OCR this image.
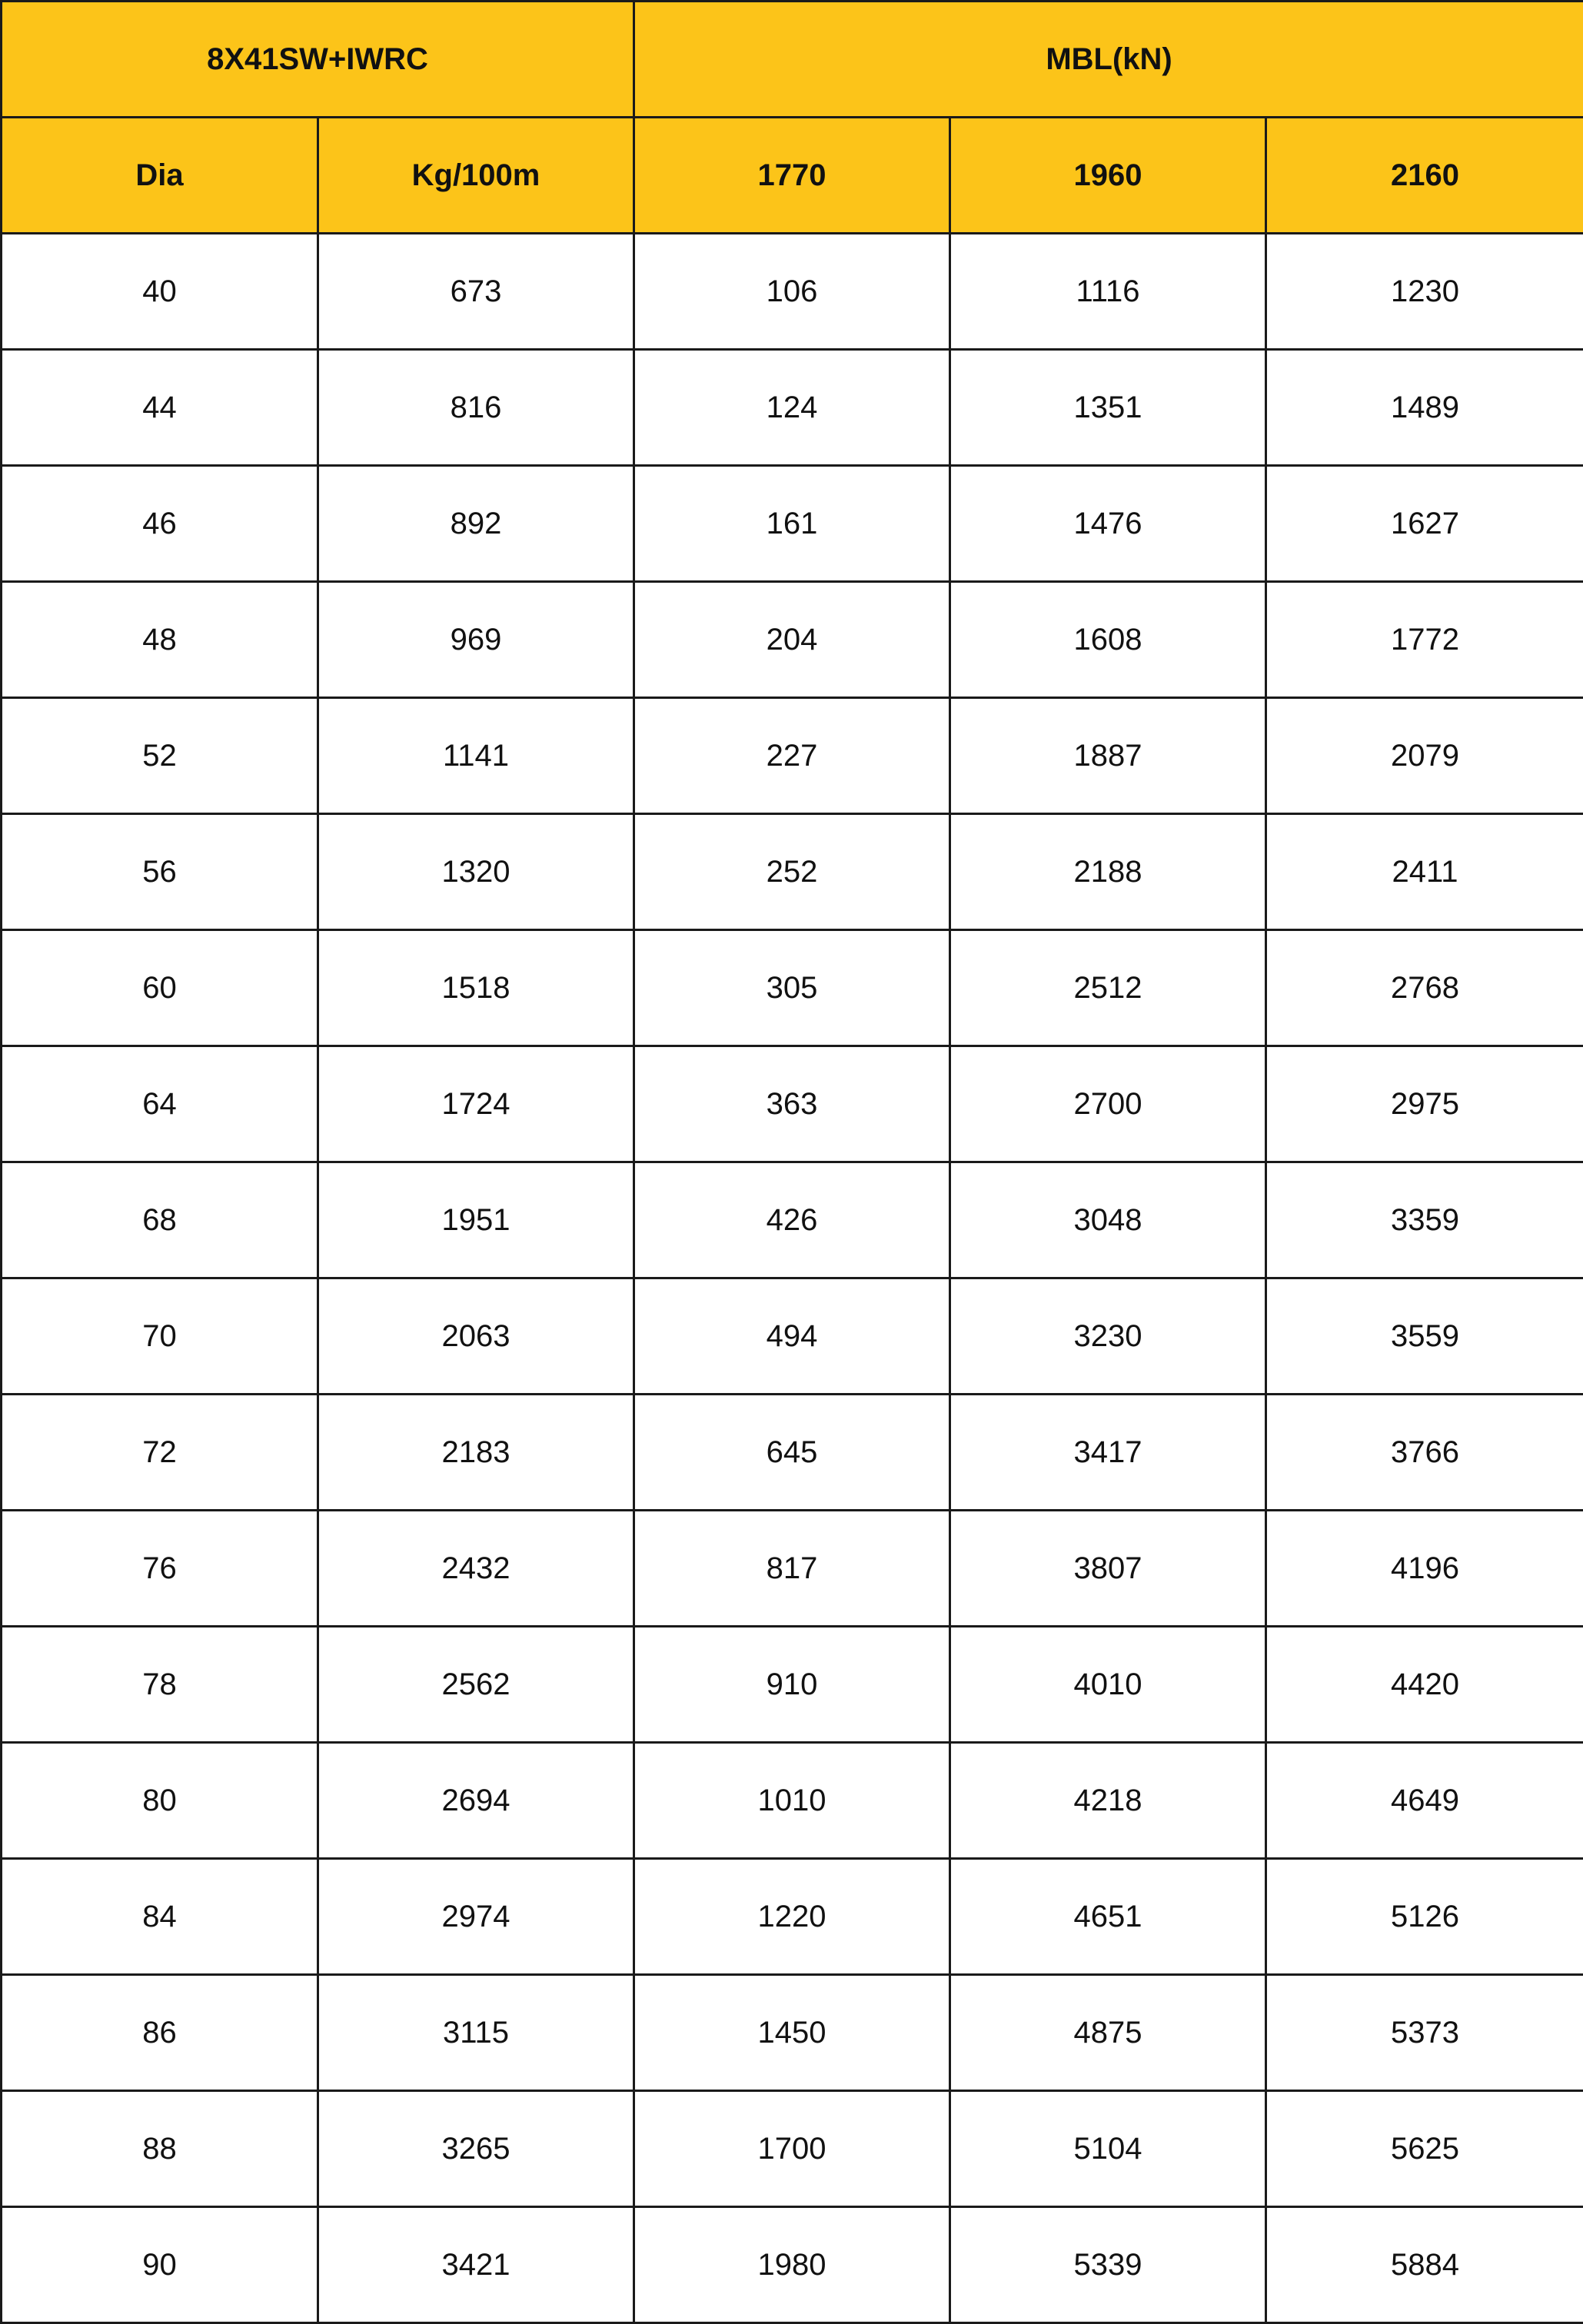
8X41SW+IWRC		MBL(kN)		
Dia	Kg/100m	1770	1960	2160
40	673	106	1116	1230
44	816	124	1351	1489
46	892	161	1476	1627
48	969	204	1608	1772
52	1141	227	1887	2079
56	1320	252	2188	2411
60	1518	305	2512	2768
64	1724	363	2700	2975
68	1951	426	3048	3359
70	2063	494	3230	3559
72	2183	645	3417	3766
76	2432	817	3807	4196
78	2562	910	4010	4420
80	2694	1010	4218	4649
84	2974	1220	4651	5126
86	3115	1450	4875	5373
88	3265	1700	5104	5625
90	3421	1980	5339	5884
